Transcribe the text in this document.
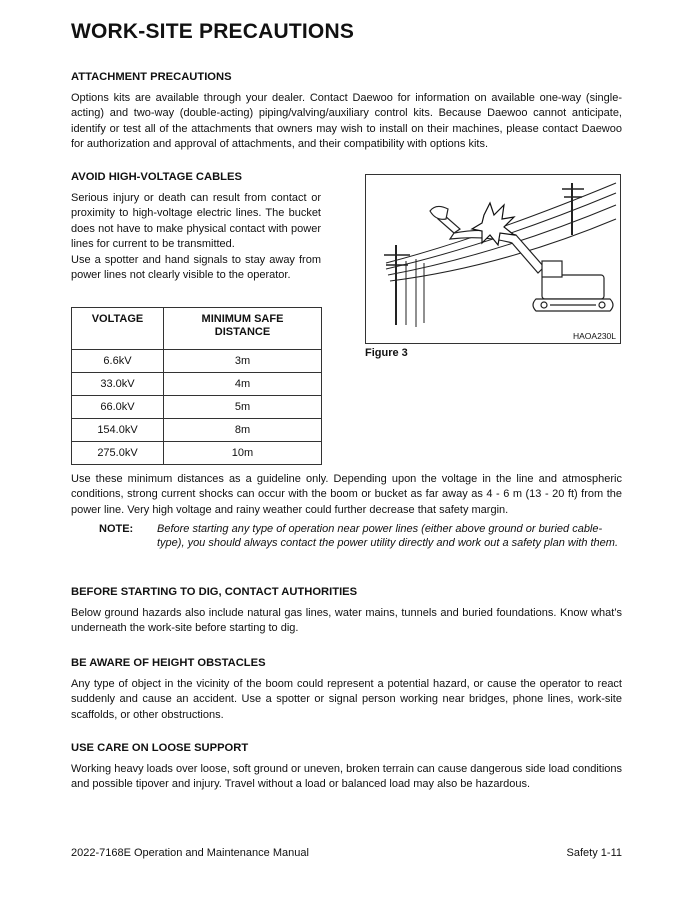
WORK-SITE PRECAUTIONS
ATTACHMENT PRECAUTIONS

Options kits are available through your dealer. Contact Daewoo for information on available one-way (single-acting) and two-way (double-acting) piping/valving/auxiliary control kits. Because Daewoo cannot anticipate, identify or test all of the attachments that owners may wish to install on their machines, please contact Daewoo for authorization and approval of attachments, and their compatibility with options kits.

AVOID HIGH-VOLTAGE CABLES

Serious injury or death can result from contact or proximity to high-voltage electric lines. The bucket does not have to make physical contact with power lines for current to be transmitted.

Use a spotter and hand signals to stay away from power lines not clearly visible to the operator.

VOLTAGE	MINIMUM SAFE DISTANCE
6.6kV	3m
33.0kV	4m
66.0kV	5m
154.0kV	8m
275.0kV	10m
HAOA230L
Figure 3

Use these minimum distances as a guideline only. Depending upon the voltage in the line and atmospheric conditions, strong current shocks can occur with the boom or bucket as far away as 4 - 6 m (13 - 20 ft) from the power line. Very high voltage and rainy weather could further decrease that safety margin.

NOTE: Before starting any type of operation near power lines (either above ground or buried cable-type), you should always contact the power utility directly and work out a safety plan with them.
BEFORE STARTING TO DIG, CONTACT AUTHORITIES

Below ground hazards also include natural gas lines, water mains, tunnels and buried foundations. Know what’s underneath the work-site before starting to dig.

BE AWARE OF HEIGHT OBSTACLES

Any type of object in the vicinity of the boom could represent a potential hazard, or cause the operator to react suddenly and cause an accident. Use a spotter or signal person working near bridges, phone lines, work-site scaffolds, or other obstructions.

USE CARE ON LOOSE SUPPORT

Working heavy loads over loose, soft ground or uneven, broken terrain can cause dangerous side load conditions and possible tipover and injury. Travel without a load or balanced load may also be hazardous.

2022-7168E Operation and Maintenance Manual	Safety 1-11
